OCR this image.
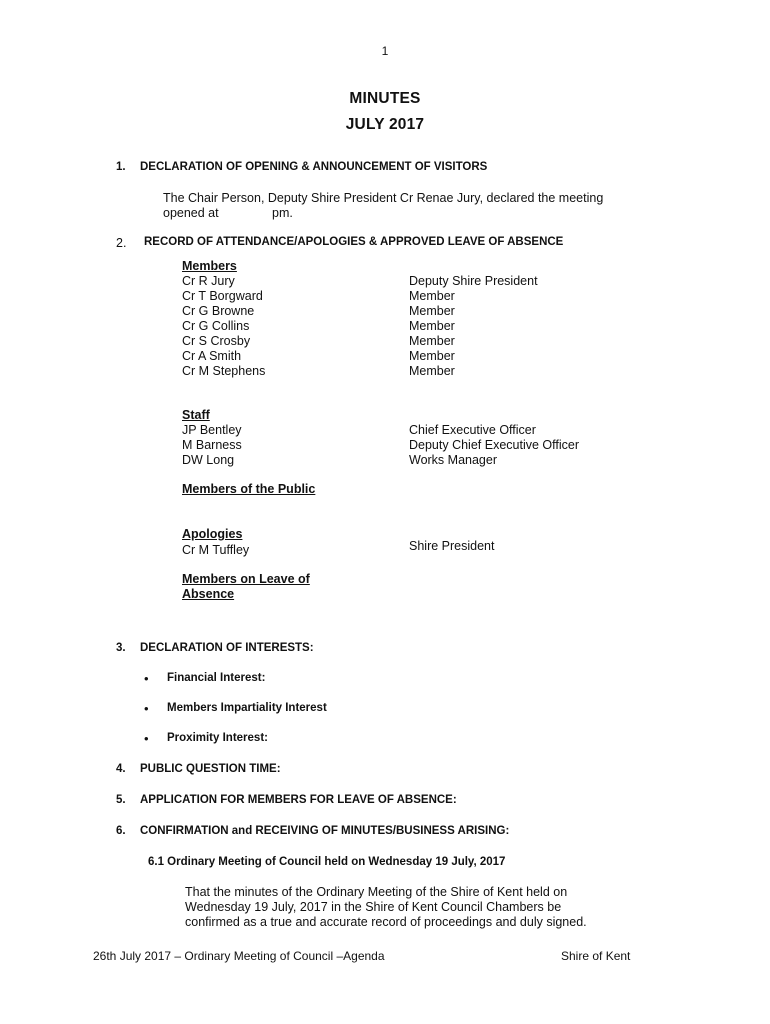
1
MINUTES
JULY 2017
1. DECLARATION OF OPENING & ANNOUNCEMENT OF VISITORS
The Chair Person, Deputy Shire President Cr Renae Jury, declared the meeting
opened at	pm.
2. RECORD OF ATTENDANCE/APOLOGIES & APPROVED LEAVE OF ABSENCE
Members
Cr R Jury	Deputy Shire President
Cr T Borgward	Member
Cr G Browne	Member
Cr G Collins	Member
Cr S Crosby	Member
Cr A Smith	Member
Cr M Stephens	Member
Staff
JP Bentley	Chief Executive Officer
M Barness	Deputy Chief Executive Officer
DW Long	Works Manager
Members of the Public
Apologies
Cr M Tuffley	Shire President
Members on Leave of
Absence
3. DECLARATION OF INTERESTS:
• Financial Interest:
• Members Impartiality Interest
• Proximity Interest:
4. PUBLIC QUESTION TIME:
5. APPLICATION FOR MEMBERS FOR LEAVE OF ABSENCE:
6. CONFIRMATION and RECEIVING OF MINUTES/BUSINESS ARISING:
6.1 Ordinary Meeting of Council held on Wednesday 19 July, 2017
That the minutes of the Ordinary Meeting of the Shire of Kent held on
Wednesday 19 July, 2017 in the Shire of Kent Council Chambers be
confirmed as a true and accurate record of proceedings and duly signed.
26th July 2017 – Ordinary Meeting of Council –Agenda	Shire of Kent
